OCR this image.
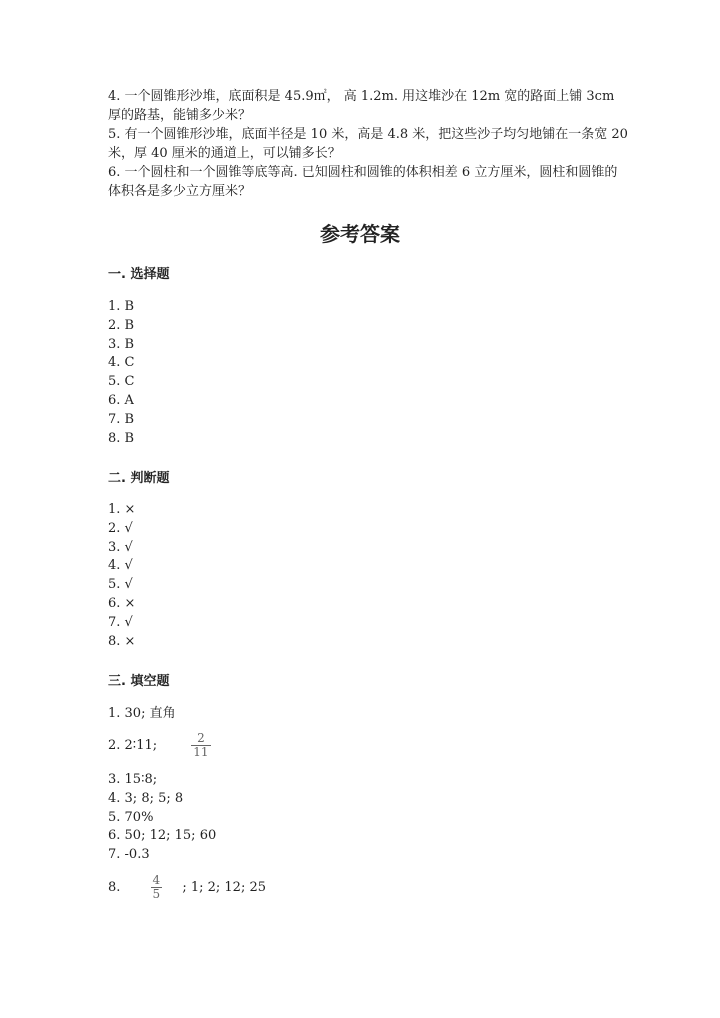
4. 一个圆锥形沙堆，底面积是 45.9㎡， 高 1.2m. 用这堆沙在 12m 宽的路面上铺 3cm 厚的路基，能铺多少米？

5. 有一个圆锥形沙堆，底面半径是 10 米，高是 4.8 米，把这些沙子均匀地铺在一条宽 20 米，厚 40 厘米的通道上，可以铺多长？

6. 一个圆柱和一个圆锥等底等高. 已知圆柱和圆锥的体积相差 6 立方厘米，圆柱和圆锥的体积各是多少立方厘米？

参考答案
一. 选择题
1. B
2. B
3. B
4. C
5. C
6. A
7. B
8. B
二. 判断题
1. ×
2. √
3. √
4. √
5. √
6. ×
7. √
8. ×
三. 填空题
1. 30; 直角
2. 2∶11;	$\frac{2}{11}$
3. 15∶8;
4. 3; 8; 5; 8
5. 70%
6. 50; 12; 15; 60
7. -0.3
8.	$\frac{4}{5}$ ; 1; 2; 12; 25
